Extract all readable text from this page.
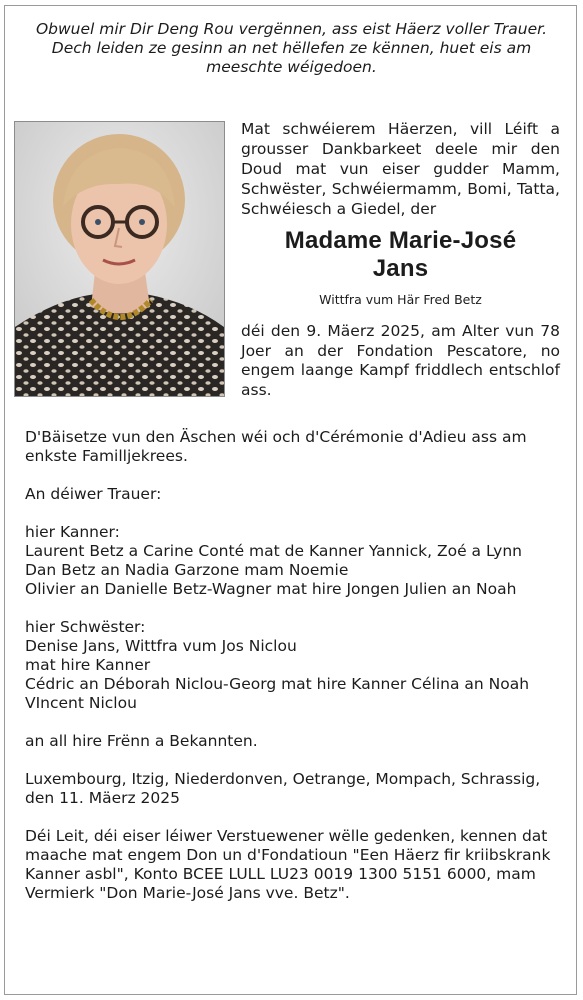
Obwuel mir Dir Deng Rou vergënnen, ass eist Häerz voller Trauer.
Dech leiden ze gesinn an net hëllefen ze kënnen, huet eis am meeschte wéigedoen.
Mat schwéierem Häerzen, vill Léift a grousser Dankbarkeet deele mir den Doud mat vun eiser gudder Mamm, Schwëster, Schwéiermamm, Bomi, Tatta, Schwéiesch a Giedel, der
Madame Marie-José
Jans
Wittfra vum Här Fred Betz
déi den 9. Mäerz 2025, am Alter vun 78 Joer an der Fondation Pescatore, no engem laange Kampf friddlech entschlof ass.

D'Bäisetze vun den Äschen wéi och d'Cérémonie d'Adieu ass am enkste Familljekrees.

An déiwer Trauer:

hier Kanner:
Laurent Betz a Carine Conté mat de Kanner Yannick, Zoé a Lynn
Dan Betz an Nadia Garzone mam Noemie
Olivier an Danielle Betz-Wagner mat hire Jongen Julien an Noah

hier Schwëster:
Denise Jans, Wittfra vum Jos Niclou
mat hire Kanner
Cédric an Déborah Niclou-Georg mat hire Kanner Célina an Noah
VIncent Niclou

an all hire Frënn a Bekannten.

Luxembourg, Itzig, Niederdonven, Oetrange, Mompach, Schrassig, den 11. Mäerz 2025

Déi Leit, déi eiser léiwer Verstuewener wëlle gedenken, kennen dat maache mat engem Don un d'Fondatioun "Een Häerz fir kriibskrank Kanner asbl", Konto BCEE LULL LU23 0019 1300 5151 6000, mam Vermierk "Don Marie-José Jans vve. Betz".
